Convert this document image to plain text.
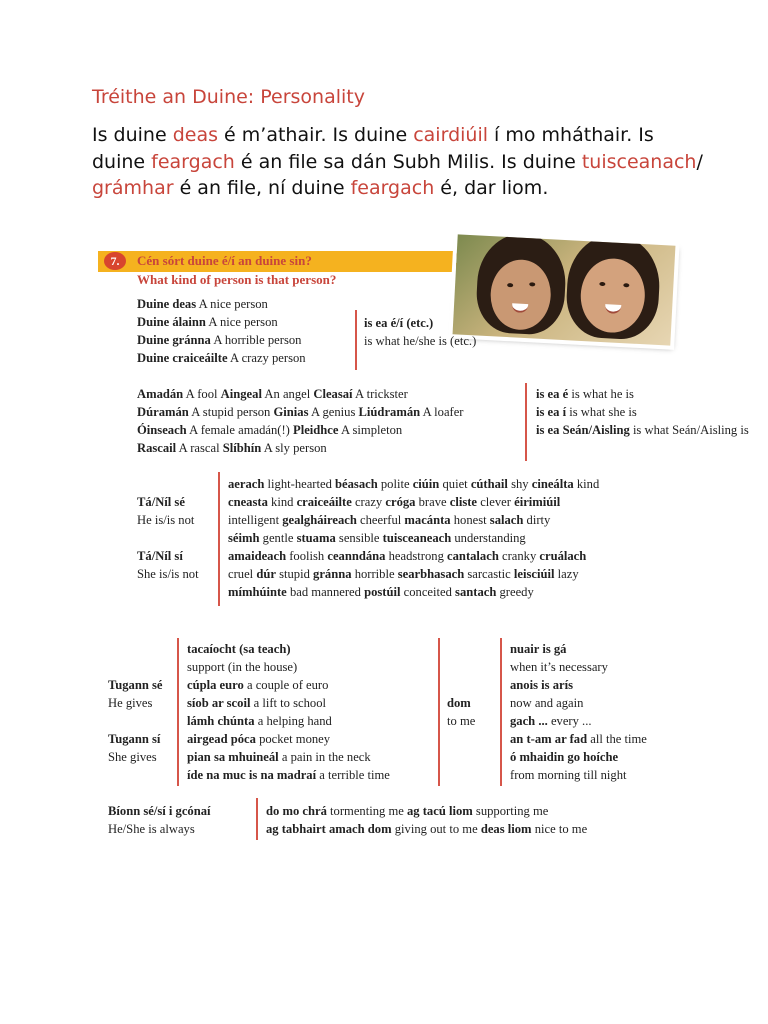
Tréithe an Duine: Personality
Is duine deas é m’athair. Is duine cairdiúil í mo mháthair. Is duine feargach é an file sa dán Subh Milis. Is duine tuisceanach/ grámhar é an file, ní duine feargach é, dar liom.
7.	Cén sórt duine é/í an duine sin?
What kind of person is that person?
Duine deas A nice person
Duine álainn A nice person
Duine gránna A horrible person
Duine craiceáilte A crazy person
is ea é/í (etc.)
is what he/she is (etc.)
Amadán A fool Aingeal An angel Cleasaí A trickster
Dúramán A stupid person Ginias A genius Liúdramán A loafer
Óinseach A female amadán(!) Pleidhce A simpleton
Rascail A rascal Slíbhín A sly person
is ea é is what he is
is ea í is what she is
is ea Seán/Aisling is what Seán/Aisling is
aerach light-hearted béasach polite ciúin quiet cúthail shy cineálta kind
cneasta kind craiceáilte crazy cróga brave cliste clever éirimiúil
intelligent gealgháireach cheerful macánta honest salach dirty
séimh gentle stuama sensible tuisceaneach understanding
amaideach foolish ceanndána headstrong cantalach cranky cruálach
cruel dúr stupid gránna horrible searbhasach sarcastic leisciúil lazy
mímhúinte bad mannered postúil conceited santach greedy
tacaíocht (sa teach)
support (in the house)
cúpla euro a couple of euro
síob ar scoil a lift to school
lámh chúnta a helping hand
airgead póca pocket money
pian sa mhuineál a pain in the neck
íde na muc is na madraí a terrible time
dom
to me
nuair is gá
when it’s necessary
anois is arís
now and again
gach ... every ...
an t-am ar fad all the time
ó mhaidin go hoíche
from morning till night
Bíonn sé/sí i gcónaí
He/She is always
do mo chrá tormenting me ag tacú liom supporting me
ag tabhairt amach dom giving out to me deas liom nice to me
Tá/Níl sé
He is/is not
Tá/Níl sí
She is/is not
Tugann sé
He gives
Tugann sí
She gives
